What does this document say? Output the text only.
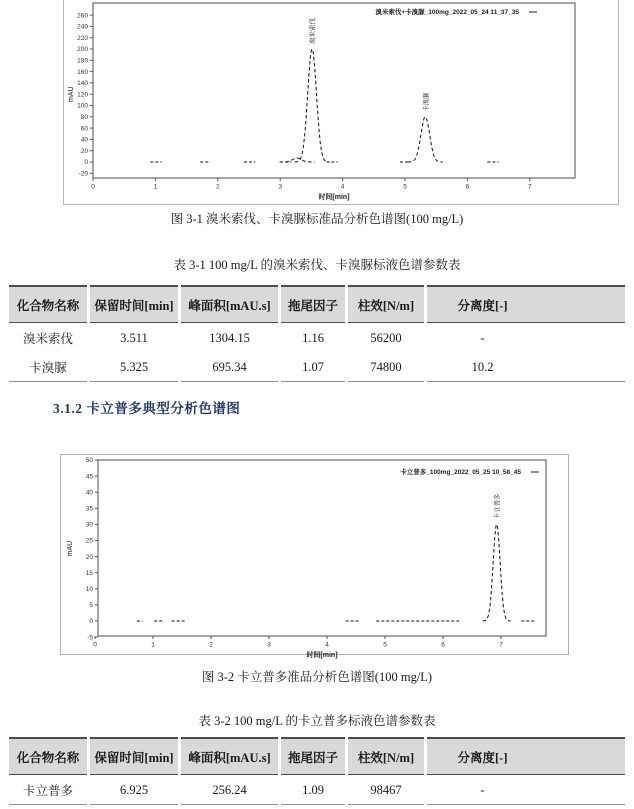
-20
0
20
40
60
80
100
120
140
160
180
200
220
240
260
0	1	2	3	4	5	6	7
时间[min]
mAU
溴米索伐+卡溴脲_100mg_2022_05_24 11_37_35
溴米索伐
卡溴脲
图 3-1 溴米索伐、卡溴脲标准品分析色谱图(100 mg/L)
表 3-1 100 mg/L 的溴米索伐、卡溴脲标液色谱参数表
化合物名称	保留时间[min]	峰面积[mAU.s]	拖尾因子	柱效[N/m]	分离度[-]
溴米索伐	3.511	1304.15	1.16	56200	-
卡溴脲	5.325	695.34	1.07	74800	10.2
3.1.2 卡立普多典型分析色谱图
-5
0
5
10
15
20
25
30
35
40
45
50
0	1	2	3	4	5	6	7
时间[min]
mAU
卡立普多_100mg_2022_05_25 10_58_45
卡立普多
图 3-2 卡立普多准品分析色谱图(100 mg/L)
表 3-2 100 mg/L 的卡立普多标液色谱参数表
化合物名称	保留时间[min]	峰面积[mAU.s]	拖尾因子	柱效[N/m]	分离度[-]
卡立普多	6.925	256.24	1.09	98467	-
